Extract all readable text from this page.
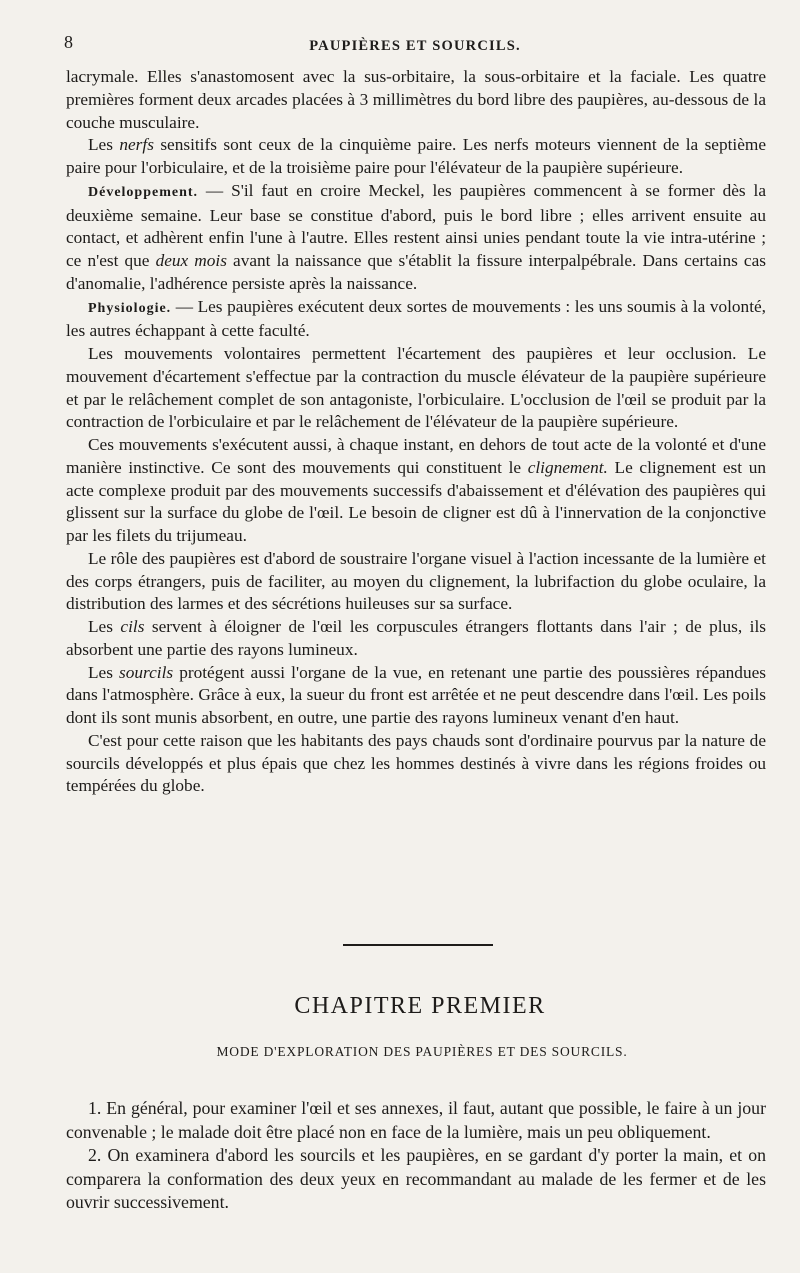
8	PAUPIÈRES ET SOURCILS.

lacrymale. Elles s'anastomosent avec la sus-orbitaire, la sous-orbitaire et la faciale. Les quatre premières forment deux arcades placées à 3 millimètres du bord libre des paupières, au-dessous de la couche musculaire.

Les nerfs sensitifs sont ceux de la cinquième paire. Les nerfs moteurs viennent de la septième paire pour l'orbiculaire, et de la troisième paire pour l'élévateur de la paupière supérieure.

Développement. — S'il faut en croire Meckel, les paupières commencent à se former dès la deuxième semaine. Leur base se constitue d'abord, puis le bord libre ; elles arrivent ensuite au contact, et adhèrent enfin l'une à l'autre. Elles restent ainsi unies pendant toute la vie intra-utérine ; ce n'est que deux mois avant la naissance que s'établit la fissure interpalpébrale. Dans certains cas d'anomalie, l'adhérence persiste après la naissance.

Physiologie. — Les paupières exécutent deux sortes de mouvements : les uns soumis à la volonté, les autres échappant à cette faculté.

Les mouvements volontaires permettent l'écartement des paupières et leur occlusion. Le mouvement d'écartement s'effectue par la contraction du muscle élévateur de la paupière supérieure et par le relâchement complet de son antagoniste, l'orbiculaire. L'occlusion de l'œil se produit par la contraction de l'orbiculaire et par le relâchement de l'élévateur de la paupière supérieure.

Ces mouvements s'exécutent aussi, à chaque instant, en dehors de tout acte de la volonté et d'une manière instinctive. Ce sont des mouvements qui constituent le clignement. Le clignement est un acte complexe produit par des mouvements successifs d'abaissement et d'élévation des paupières qui glissent sur la surface du globe de l'œil. Le besoin de cligner est dû à l'innervation de la conjonctive par les filets du trijumeau.

Le rôle des paupières est d'abord de soustraire l'organe visuel à l'action incessante de la lumière et des corps étrangers, puis de faciliter, au moyen du clignement, la lubrifaction du globe oculaire, la distribution des larmes et des sécrétions huileuses sur sa surface.

Les cils servent à éloigner de l'œil les corpuscules étrangers flottants dans l'air ; de plus, ils absorbent une partie des rayons lumineux.

Les sourcils protégent aussi l'organe de la vue, en retenant une partie des poussières répandues dans l'atmosphère. Grâce à eux, la sueur du front est arrêtée et ne peut descendre dans l'œil. Les poils dont ils sont munis absorbent, en outre, une partie des rayons lumineux venant d'en haut.

C'est pour cette raison que les habitants des pays chauds sont d'ordinaire pourvus par la nature de sourcils développés et plus épais que chez les hommes destinés à vivre dans les régions froides ou tempérées du globe.

CHAPITRE PREMIER
MODE D'EXPLORATION DES PAUPIÈRES ET DES SOURCILS.

1. En général, pour examiner l'œil et ses annexes, il faut, autant que possible, le faire à un jour convenable ; le malade doit être placé non en face de la lumière, mais un peu obliquement.

2. On examinera d'abord les sourcils et les paupières, en se gardant d'y porter la main, et on comparera la conformation des deux yeux en recommandant au malade de les fermer et de les ouvrir successivement.
